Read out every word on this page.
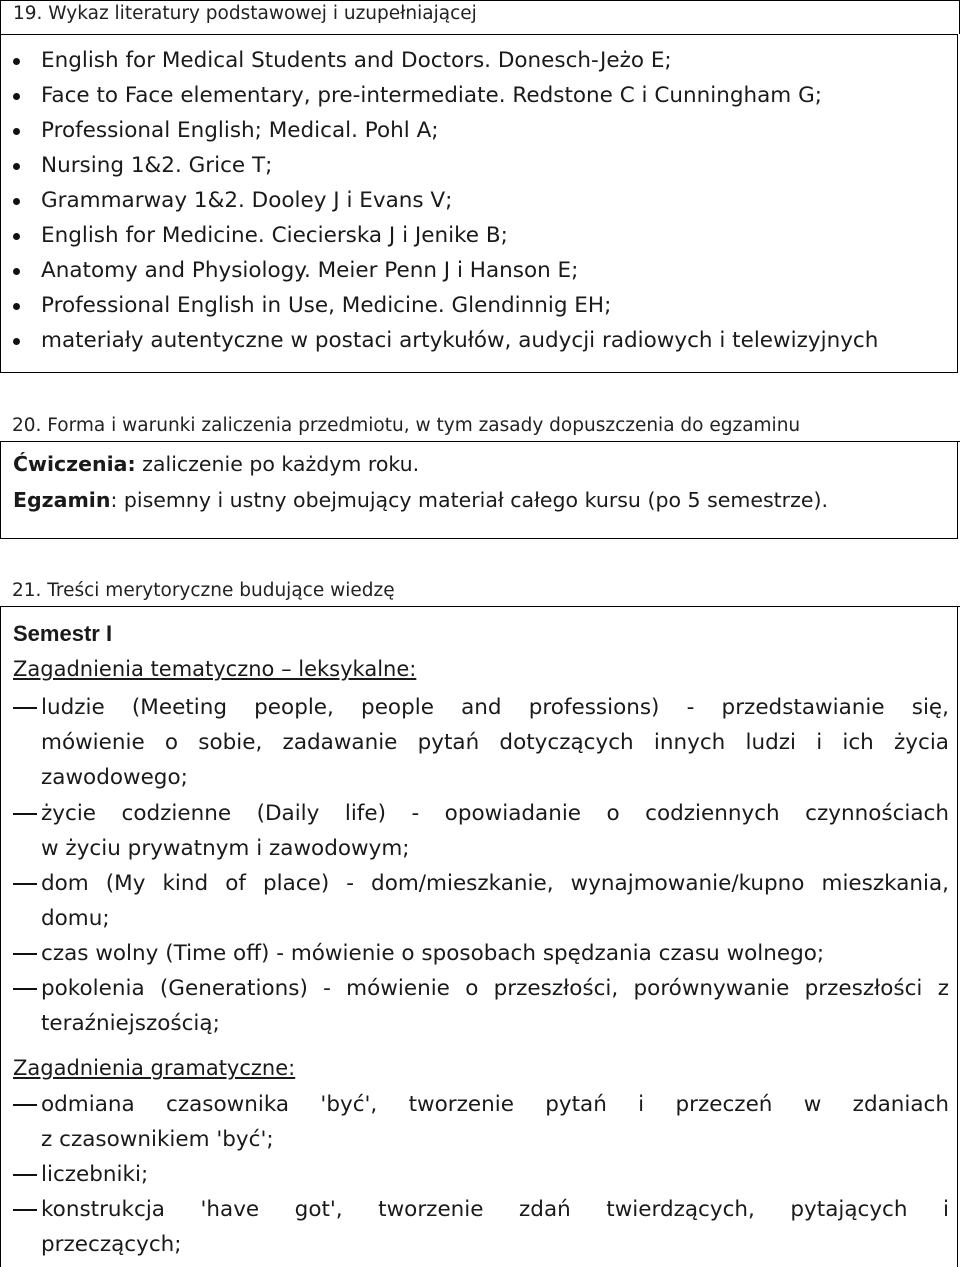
19. Wykaz literatury podstawowej i uzupełniającej
English for Medical Students and Doctors. Donesch-Jeżo E;
Face to Face elementary, pre-intermediate. Redstone C i Cunningham G;
Professional English; Medical. Pohl A;
Nursing 1&2. Grice T;
Grammarway 1&2. Dooley J i Evans V;
English for Medicine. Ciecierska J i Jenike B;
Anatomy and Physiology. Meier Penn J i Hanson E;
Professional English in Use, Medicine. Glendinnig EH;
materiały autentyczne w postaci artykułów, audycji radiowych i telewizyjnych
20. Forma i warunki zaliczenia przedmiotu, w tym zasady dopuszczenia do egzaminu
Ćwiczenia: zaliczenie po każdym roku.
Egzamin: pisemny i ustny obejmujący materiał całego kursu (po 5 semestrze).
21. Treści merytoryczne budujące wiedzę
Semestr I
Zagadnienia tematyczno – leksykalne:
ludzie (Meeting people, people and professions) - przedstawianie się,
mówienie o sobie, zadawanie pytań dotyczących innych ludzi i ich życia
zawodowego;
życie codzienne (Daily life) - opowiadanie o codziennych czynnościach
w życiu prywatnym i zawodowym;
dom (My kind of place) - dom/mieszkanie, wynajmowanie/kupno mieszkania,
domu;
czas wolny (Time off) - mówienie o sposobach spędzania czasu wolnego;
pokolenia (Generations) - mówienie o przeszłości, porównywanie przeszłości z
teraźniejszością;
Zagadnienia gramatyczne:
odmiana czasownika 'być', tworzenie pytań i przeczeń w zdaniach
z czasownikiem 'być';
liczebniki;
konstrukcja 'have got', tworzenie zdań twierdzących, pytających i
przeczących;
